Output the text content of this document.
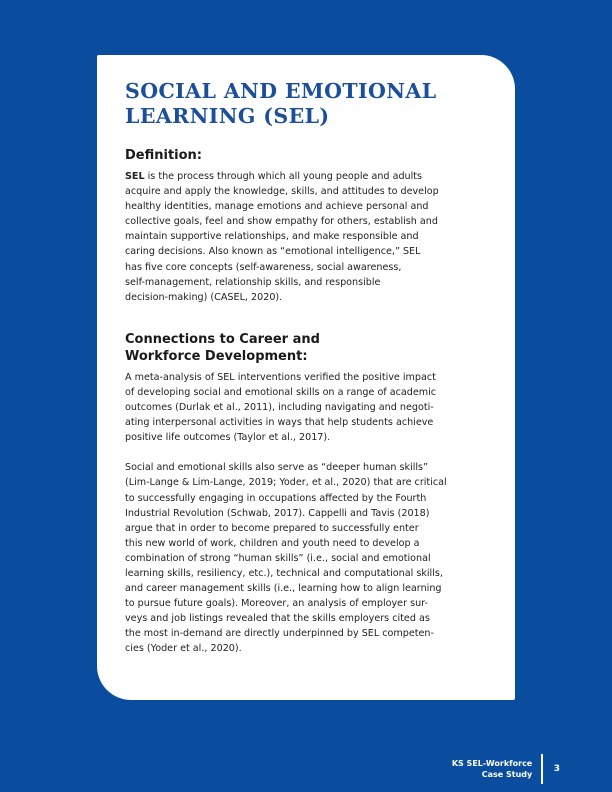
SOCIAL AND EMOTIONAL
LEARNING (SEL)
Definition:
SEL is the process through which all young people and adults
acquire and apply the knowledge, skills, and attitudes to develop
healthy identities, manage emotions and achieve personal and
collective goals, feel and show empathy for others, establish and
maintain supportive relationships, and make responsible and
caring decisions. Also known as “emotional intelligence,” SEL
has five core concepts (self-awareness, social awareness,
self-management, relationship skills, and responsible
decision-making) (CASEL, 2020).
Connections to Career and
Workforce Development:
A meta-analysis of SEL interventions verified the positive impact
of developing social and emotional skills on a range of academic
outcomes (Durlak et al., 2011), including navigating and negoti-
ating interpersonal activities in ways that help students achieve
positive life outcomes (Taylor et al., 2017).
Social and emotional skills also serve as “deeper human skills”
(Lim-Lange & Lim-Lange, 2019; Yoder, et al., 2020) that are critical
to successfully engaging in occupations affected by the Fourth
Industrial Revolution (Schwab, 2017). Cappelli and Tavis (2018)
argue that in order to become prepared to successfully enter
this new world of work, children and youth need to develop a
combination of strong “human skills” (i.e., social and emotional
learning skills, resiliency, etc.), technical and computational skills,
and career management skills (i.e., learning how to align learning
to pursue future goals). Moreover, an analysis of employer sur-
veys and job listings revealed that the skills employers cited as
the most in-demand are directly underpinned by SEL competen-
cies (Yoder et al., 2020).
KS SEL-Workforce
Case Study
3
